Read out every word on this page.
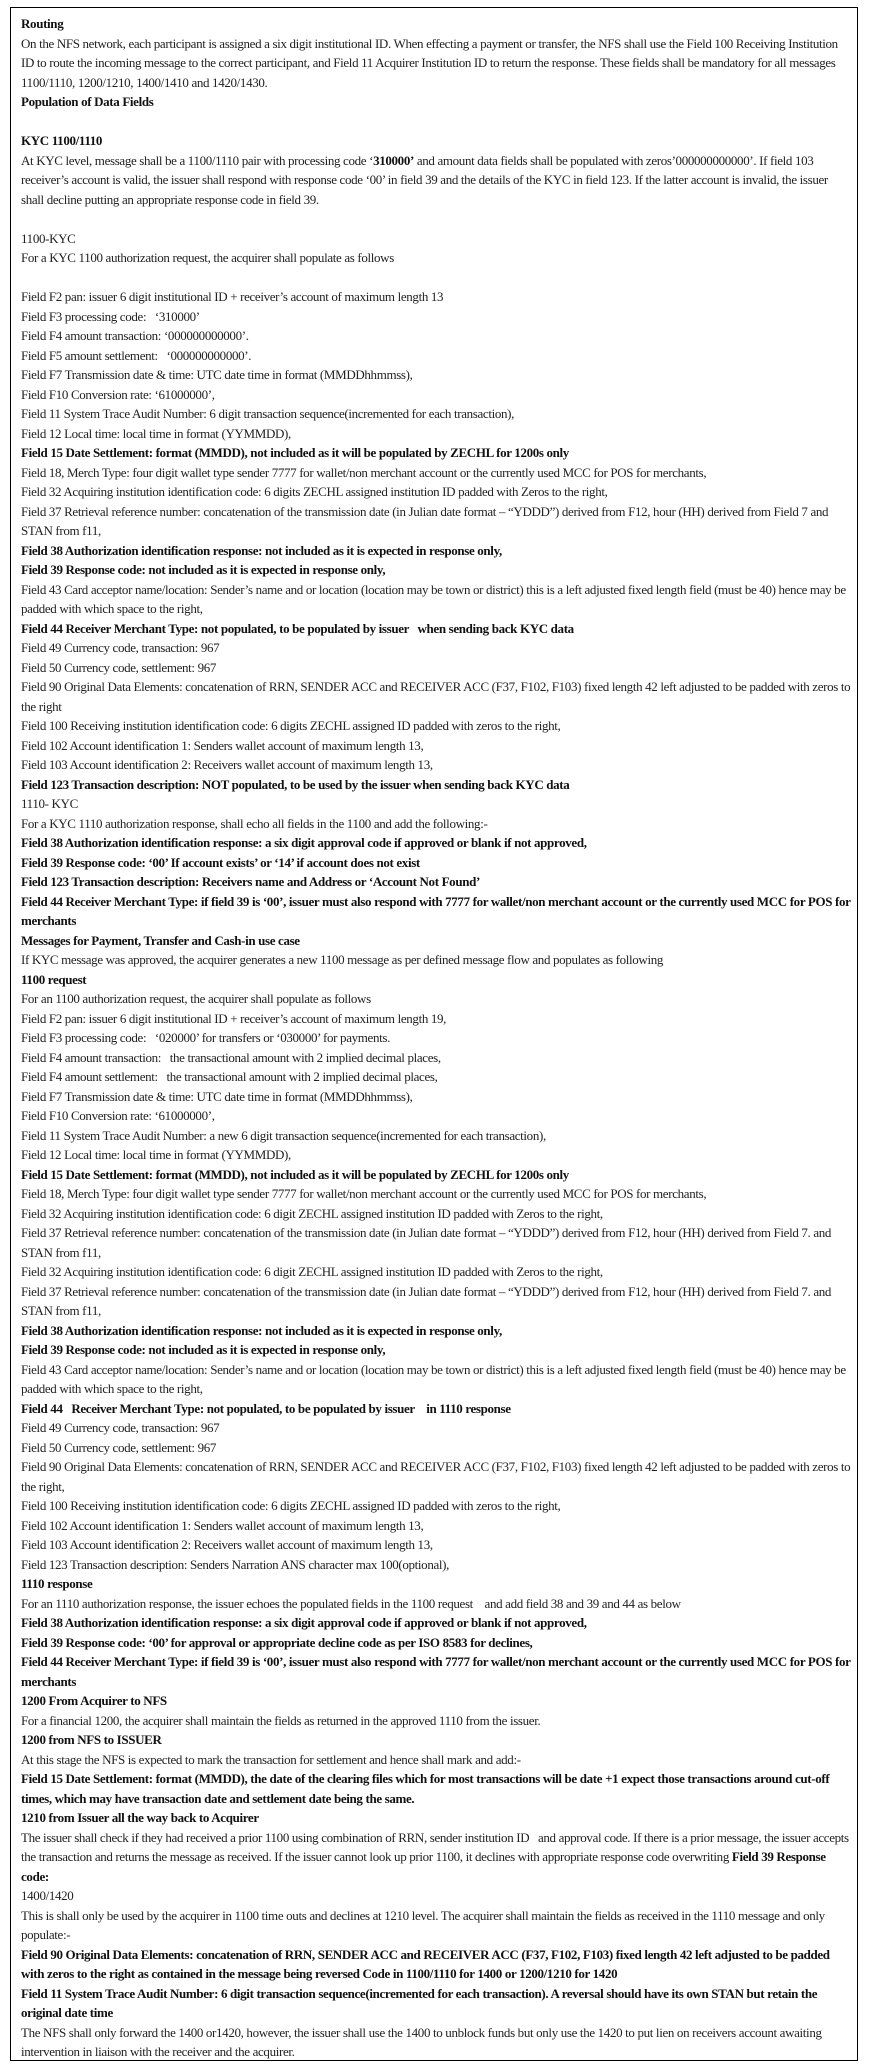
Routing

On the NFS network, each participant is assigned a six digit institutional ID. When effecting a payment or transfer, the NFS shall use the Field 100 Receiving Institution ID to route the incoming message to the correct participant, and Field 11 Acquirer Institution ID to return the response. These fields shall be mandatory for all messages 1100/1110, 1200/1210, 1400/1410 and 1420/1430.

Population of Data Fields

KYC 1100/1110

At KYC level, message shall be a 1100/1110 pair with processing code ‘310000’ and amount data fields shall be populated with zeros’000000000000’. If field 103 receiver’s account is valid, the issuer shall respond with response code ‘00’ in field 39 and the details of the KYC in field 123. If the latter account is invalid, the issuer shall decline putting an appropriate response code in field 39.

1100-KYC

For a KYC 1100 authorization request, the acquirer shall populate as follows

Field F2 pan: issuer 6 digit institutional ID + receiver’s account of maximum length 13

Field F3 processing code:   ‘310000’

Field F4 amount transaction: ‘000000000000’.

Field F5 amount settlement:   ‘000000000000’.

Field F7 Transmission date & time: UTC date time in format (MMDDhhmmss),

Field F10 Conversion rate: ‘61000000’,

Field 11 System Trace Audit Number: 6 digit transaction sequence(incremented for each transaction),

Field 12 Local time: local time in format (YYMMDD),

Field 15 Date Settlement: format (MMDD), not included as it will be populated by ZECHL for 1200s only

Field 18, Merch Type: four digit wallet type sender 7777 for wallet/non merchant account or the currently used MCC for POS for merchants,

Field 32 Acquiring institution identification code: 6 digits ZECHL assigned institution ID padded with Zeros to the right,

Field 37 Retrieval reference number: concatenation of the transmission date (in Julian date format – “YDDD”) derived from F12, hour (HH) derived from Field 7 and STAN from f11,

Field 38 Authorization identification response: not included as it is expected in response only,

Field 39 Response code: not included as it is expected in response only,

Field 43 Card acceptor name/location: Sender’s name and or location (location may be town or district) this is a left adjusted fixed length field (must be 40) hence may be padded with which space to the right,

Field 44 Receiver Merchant Type: not populated, to be populated by issuer   when sending back KYC data

Field 49 Currency code, transaction: 967

Field 50 Currency code, settlement: 967

Field 90 Original Data Elements: concatenation of RRN, SENDER ACC and RECEIVER ACC (F37, F102, F103) fixed length 42 left adjusted to be padded with zeros to the right

Field 100 Receiving institution identification code: 6 digits ZECHL assigned ID padded with zeros to the right,

Field 102 Account identification 1: Senders wallet account of maximum length 13,

Field 103 Account identification 2: Receivers wallet account of maximum length 13,

Field 123 Transaction description: NOT populated, to be used by the issuer when sending back KYC data

1110- KYC

For a KYC 1110 authorization response, shall echo all fields in the 1100 and add the following:-

Field 38 Authorization identification response: a six digit approval code if approved or blank if not approved,

Field 39 Response code: ‘00’ If account exists’ or ‘14’ if account does not exist

Field 123 Transaction description: Receivers name and Address or ‘Account Not Found’

Field 44 Receiver Merchant Type: if field 39 is ‘00’, issuer must also respond with 7777 for wallet/non merchant account or the currently used MCC for POS for merchants

Messages for Payment, Transfer and Cash-in use case

If KYC message was approved, the acquirer generates a new 1100 message as per defined message flow and populates as following

1100 request

For an 1100 authorization request, the acquirer shall populate as follows

Field F2 pan: issuer 6 digit institutional ID + receiver’s account of maximum length 19,

Field F3 processing code:   ‘020000’ for transfers or ‘030000’ for payments.

Field F4 amount transaction:   the transactional amount with 2 implied decimal places,

Field F4 amount settlement:   the transactional amount with 2 implied decimal places,

Field F7 Transmission date & time: UTC date time in format (MMDDhhmmss),

Field F10 Conversion rate: ‘61000000’,

Field 11 System Trace Audit Number: a new 6 digit transaction sequence(incremented for each transaction),

Field 12 Local time: local time in format (YYMMDD),

Field 15 Date Settlement: format (MMDD), not included as it will be populated by ZECHL for 1200s only

Field 18, Merch Type: four digit wallet type sender 7777 for wallet/non merchant account or the currently used MCC for POS for merchants,

Field 32 Acquiring institution identification code: 6 digit ZECHL assigned institution ID padded with Zeros to the right,

Field 37 Retrieval reference number: concatenation of the transmission date (in Julian date format – “YDDD”) derived from F12, hour (HH) derived from Field 7. and STAN from f11,

Field 32 Acquiring institution identification code: 6 digit ZECHL assigned institution ID padded with Zeros to the right,

Field 37 Retrieval reference number: concatenation of the transmission date (in Julian date format – “YDDD”) derived from F12, hour (HH) derived from Field 7. and STAN from f11,

Field 38 Authorization identification response: not included as it is expected in response only,

Field 39 Response code: not included as it is expected in response only,

Field 43 Card acceptor name/location: Sender’s name and or location (location may be town or district) this is a left adjusted fixed length field (must be 40) hence may be padded with which space to the right,

Field 44   Receiver Merchant Type: not populated, to be populated by issuer    in 1110 response

Field 49 Currency code, transaction: 967

Field 50 Currency code, settlement: 967

Field 90 Original Data Elements: concatenation of RRN, SENDER ACC and RECEIVER ACC (F37, F102, F103) fixed length 42 left adjusted to be padded with zeros to the right,

Field 100 Receiving institution identification code: 6 digits ZECHL assigned ID padded with zeros to the right,

Field 102 Account identification 1: Senders wallet account of maximum length 13,

Field 103 Account identification 2: Receivers wallet account of maximum length 13,

Field 123 Transaction description: Senders Narration ANS character max 100(optional),

1110 response

For an 1110 authorization response, the issuer echoes the populated fields in the 1100 request    and add field 38 and 39 and 44 as below

Field 38 Authorization identification response: a six digit approval code if approved or blank if not approved,

Field 39 Response code: ‘00’ for approval or appropriate decline code as per ISO 8583 for declines,

Field 44 Receiver Merchant Type: if field 39 is ‘00’, issuer must also respond with 7777 for wallet/non merchant account or the currently used MCC for POS for merchants

1200 From Acquirer to NFS

For a financial 1200, the acquirer shall maintain the fields as returned in the approved 1110 from the issuer.

1200 from NFS to ISSUER

At this stage the NFS is expected to mark the transaction for settlement and hence shall mark and add:-

Field 15 Date Settlement: format (MMDD), the date of the clearing files which for most transactions will be date +1 expect those transactions around cut-off times, which may have transaction date and settlement date being the same.

1210 from Issuer all the way back to Acquirer

The issuer shall check if they had received a prior 1100 using combination of RRN, sender institution ID   and approval code. If there is a prior message, the issuer accepts the transaction and returns the message as received. If the issuer cannot look up prior 1100, it declines with appropriate response code overwriting Field 39 Response code:

1400/1420

This is shall only be used by the acquirer in 1100 time outs and declines at 1210 level. The acquirer shall maintain the fields as received in the 1110 message and only populate:-

Field 90 Original Data Elements: concatenation of RRN, SENDER ACC and RECEIVER ACC (F37, F102, F103) fixed length 42 left adjusted to be padded with zeros to the right as contained in the message being reversed Code in 1100/1110 for 1400 or 1200/1210 for 1420

Field 11 System Trace Audit Number: 6 digit transaction sequence(incremented for each transaction). A reversal should have its own STAN but retain the original date time

The NFS shall only forward the 1400 or1420, however, the issuer shall use the 1400 to unblock funds but only use the 1420 to put lien on receivers account awaiting intervention in liaison with the receiver and the acquirer.
